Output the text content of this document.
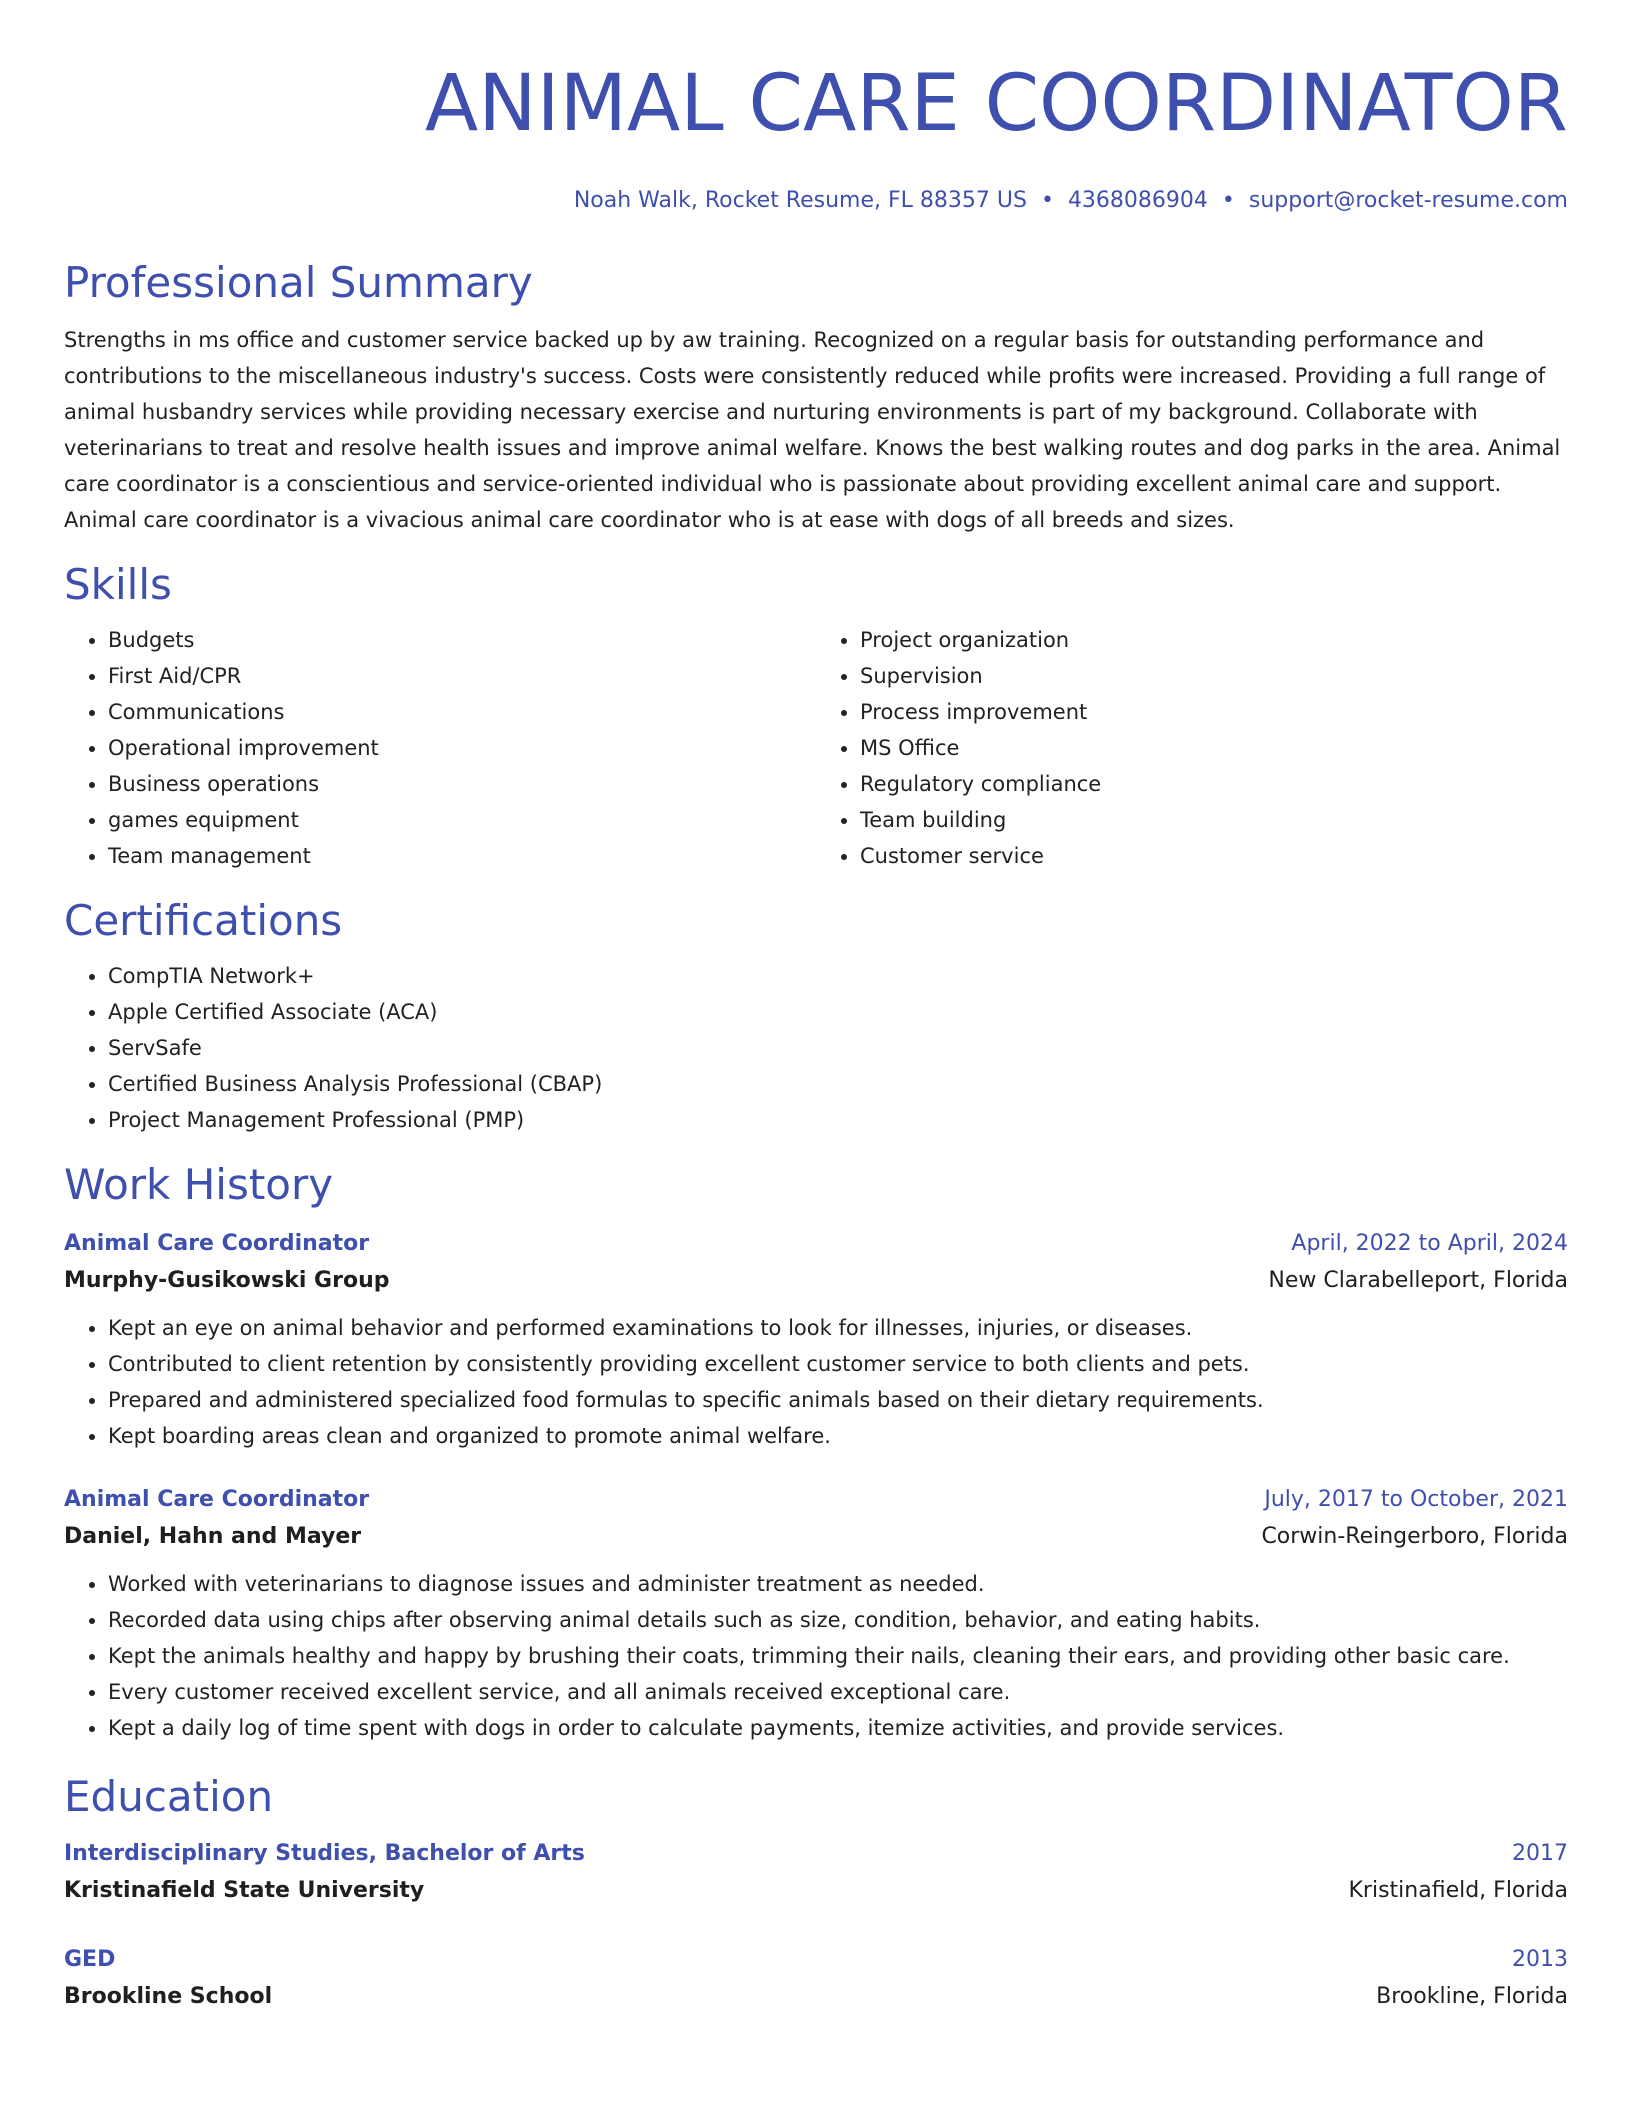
ANIMAL CARE COORDINATOR
Noah Walk, Rocket Resume, FL 88357 US • 4368086904 • support@rocket-resume.com
Professional Summary

Strengths in ms office and customer service backed up by aw training. Recognized on a regular basis for outstanding performance and contributions to the miscellaneous industry's success. Costs were consistently reduced while profits were increased. Providing a full range of animal husbandry services while providing necessary exercise and nurturing environments is part of my background. Collaborate with veterinarians to treat and resolve health issues and improve animal welfare. Knows the best walking routes and dog parks in the area. Animal care coordinator is a conscientious and service-oriented individual who is passionate about providing excellent animal care and support. Animal care coordinator is a vivacious animal care coordinator who is at ease with dogs of all breeds and sizes.

Skills
• Budgets
• First Aid/CPR
• Communications
• Operational improvement
• Business operations
• games equipment
• Team management
• Project organization
• Supervision
• Process improvement
• MS Office
• Regulatory compliance
• Team building
• Customer service
Certifications
• CompTIA Network+
• Apple Certified Associate (ACA)
• ServSafe
• Certified Business Analysis Professional (CBAP)
• Project Management Professional (PMP)
Work History
Animal Care Coordinator	April, 2022 to April, 2024
Murphy-Gusikowski Group	New Clarabelleport, Florida
• Kept an eye on animal behavior and performed examinations to look for illnesses, injuries, or diseases.
• Contributed to client retention by consistently providing excellent customer service to both clients and pets.
• Prepared and administered specialized food formulas to specific animals based on their dietary requirements.
• Kept boarding areas clean and organized to promote animal welfare.
Animal Care Coordinator	July, 2017 to October, 2021
Daniel, Hahn and Mayer	Corwin-Reingerboro, Florida
• Worked with veterinarians to diagnose issues and administer treatment as needed.
• Recorded data using chips after observing animal details such as size, condition, behavior, and eating habits.
• Kept the animals healthy and happy by brushing their coats, trimming their nails, cleaning their ears, and providing other basic care.
• Every customer received excellent service, and all animals received exceptional care.
• Kept a daily log of time spent with dogs in order to calculate payments, itemize activities, and provide services.
Education
Interdisciplinary Studies, Bachelor of Arts	2017
Kristinafield State University	Kristinafield, Florida
GED	2013
Brookline School	Brookline, Florida
